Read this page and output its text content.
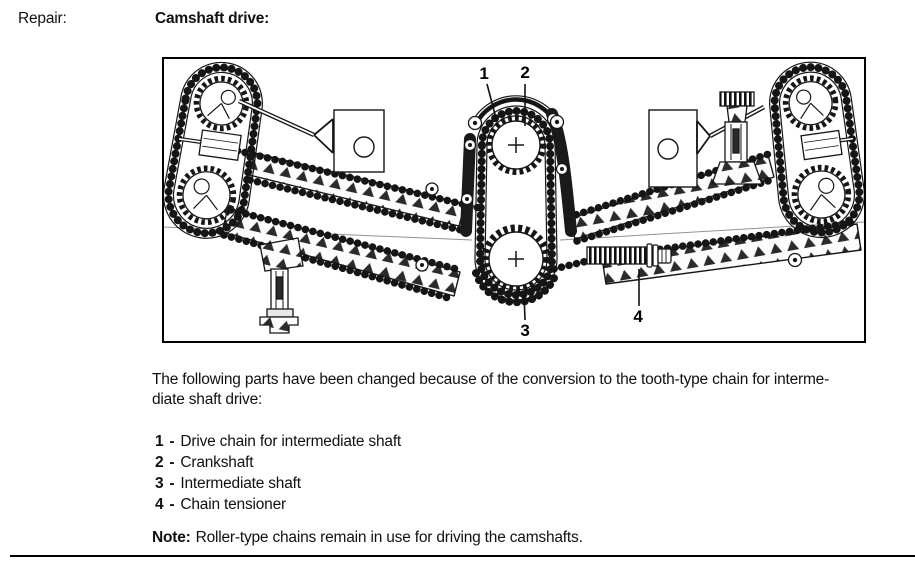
Repair:	Camshaft drive:
1 2
3
4
The following parts have been changed because of the conversion to the tooth-type chain for interme-
diate shaft drive:
1 - Drive chain for intermediate shaft
2 - Crankshaft
3 - Intermediate shaft
4 - Chain tensioner
Note: Roller-type chains remain in use for driving the camshafts.
